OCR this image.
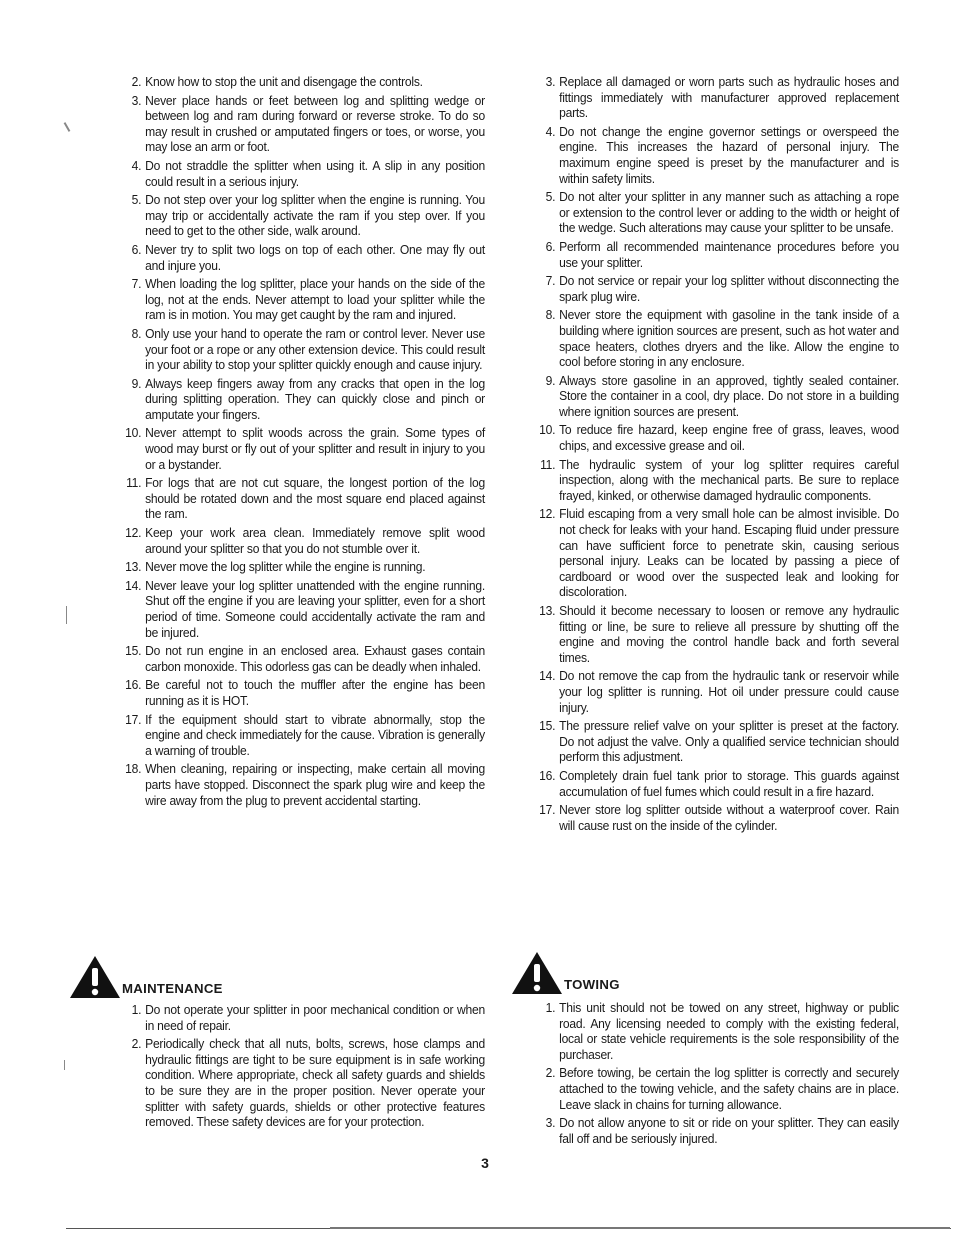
2. Know how to stop the unit and disengage the controls.
3. Never place hands or feet between log and splitting wedge or between log and ram during forward or reverse stroke. To do so may result in crushed or amputated fingers or toes, or worse, you may lose an arm or foot.
4. Do not straddle the splitter when using it. A slip in any position could result in a serious injury.
5. Do not step over your log splitter when the engine is running. You may trip or accidentally activate the ram if you step over. If you need to get to the other side, walk around.
6. Never try to split two logs on top of each other. One may fly out and injure you.
7. When loading the log splitter, place your hands on the side of the log, not at the ends. Never attempt to load your splitter while the ram is in motion. You may get caught by the ram and injured.
8. Only use your hand to operate the ram or control lever. Never use your foot or a rope or any other extension device. This could result in your ability to stop your splitter quickly enough and cause injury.
9. Always keep fingers away from any cracks that open in the log during splitting operation. They can quickly close and pinch or amputate your fingers.
10. Never attempt to split woods across the grain. Some types of wood may burst or fly out of your splitter and result in injury to you or a bystander.
11. For logs that are not cut square, the longest portion of the log should be rotated down and the most square end placed against the ram.
12. Keep your work area clean. Immediately remove split wood around your splitter so that you do not stumble over it.
13. Never move the log splitter while the engine is running.
14. Never leave your log splitter unattended with the engine running. Shut off the engine if you are leaving your splitter, even for a short period of time. Someone could accidentally activate the ram and be injured.
15. Do not run engine in an enclosed area. Exhaust gases contain carbon monoxide. This odorless gas can be deadly when inhaled.
16. Be careful not to touch the muffler after the engine has been running as it is HOT.
17. If the equipment should start to vibrate abnormally, stop the engine and check immediately for the cause. Vibration is generally a warning of trouble.
18. When cleaning, repairing or inspecting, make certain all moving parts have stopped. Disconnect the spark plug wire and keep the wire away from the plug to prevent accidental starting.
3. Replace all damaged or worn parts such as hydraulic hoses and fittings immediately with manufacturer approved replacement parts.
4. Do not change the engine governor settings or overspeed the engine. This increases the hazard of personal injury. The maximum engine speed is preset by the manufacturer and is within safety limits.
5. Do not alter your splitter in any manner such as attaching a rope or extension to the control lever or adding to the width or height of the wedge. Such alterations may cause your splitter to be unsafe.
6. Perform all recommended maintenance procedures before you use your splitter.
7. Do not service or repair your log splitter without disconnecting the spark plug wire.
8. Never store the equipment with gasoline in the tank inside of a building where ignition sources are present, such as hot water and space heaters, clothes dryers and the like. Allow the engine to cool before storing in any enclosure.
9. Always store gasoline in an approved, tightly sealed container. Store the container in a cool, dry place. Do not store in a building where ignition sources are present.
10. To reduce fire hazard, keep engine free of grass, leaves, wood chips, and excessive grease and oil.
11. The hydraulic system of your log splitter requires careful inspection, along with the mechanical parts. Be sure to replace frayed, kinked, or otherwise damaged hydraulic components.
12. Fluid escaping from a very small hole can be almost invisible. Do not check for leaks with your hand. Escaping fluid under pressure can have sufficient force to penetrate skin, causing serious personal injury. Leaks can be located by passing a piece of cardboard or wood over the suspected leak and looking for discoloration.
13. Should it become necessary to loosen or remove any hydraulic fitting or line, be sure to relieve all pressure by shutting off the engine and moving the control handle back and forth several times.
14. Do not remove the cap from the hydraulic tank or reservoir while your log splitter is running. Hot oil under pressure could cause injury.
15. The pressure relief valve on your splitter is preset at the factory. Do not adjust the valve. Only a qualified service technician should perform this adjustment.
16. Completely drain fuel tank prior to storage. This guards against accumulation of fuel fumes which could result in a fire hazard.
17. Never store log splitter outside without a waterproof cover. Rain will cause rust on the inside of the cylinder.
MAINTENANCE
1. Do not operate your splitter in poor mechanical condition or when in need of repair.
2. Periodically check that all nuts, bolts, screws, hose clamps and hydraulic fittings are tight to be sure equipment is in safe working condition. Where appropriate, check all safety guards and shields to be sure they are in the proper position. Never operate your splitter with safety guards, shields or other protective features removed. These safety devices are for your protection.
TOWING
1. This unit should not be towed on any street, highway or public road. Any licensing needed to comply with the existing federal, local or state vehicle requirements is the sole responsibility of the purchaser.
2. Before towing, be certain the log splitter is correctly and securely attached to the towing vehicle, and the safety chains are in place. Leave slack in chains for turning allowance.
3. Do not allow anyone to sit or ride on your splitter. They can easily fall off and be seriously injured.
3
